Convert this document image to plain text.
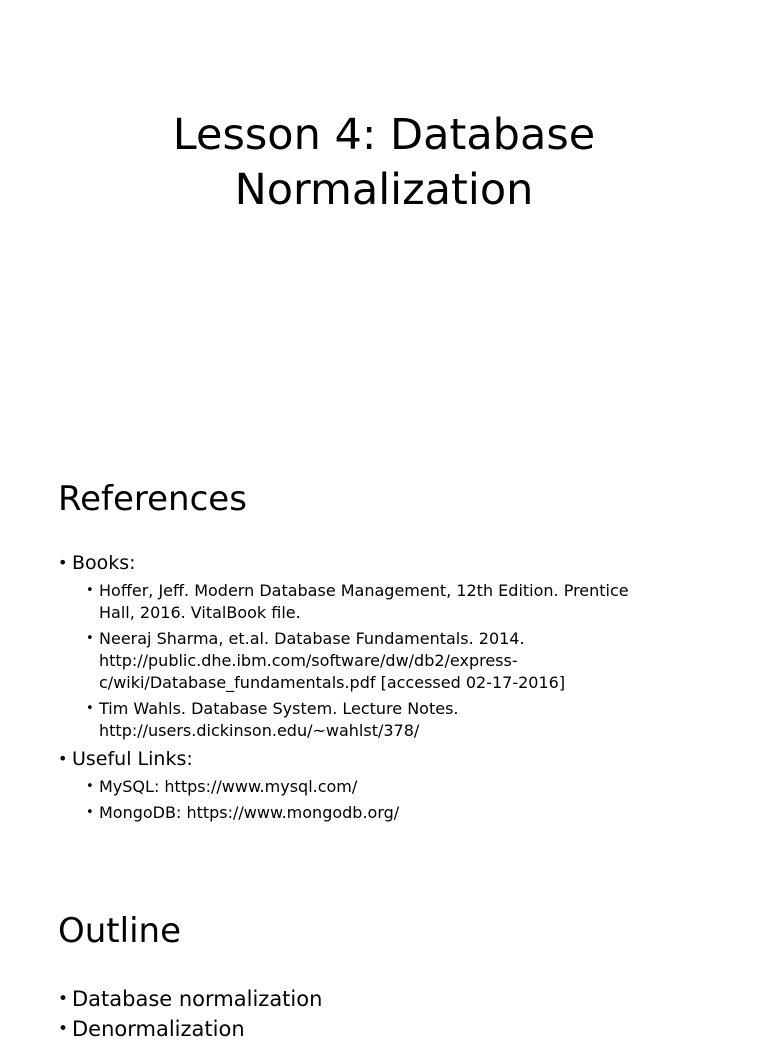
Lesson 4: Database
Normalization
References
• Books:
• Hoffer, Jeff. Modern Database Management, 12th Edition. Prentice
Hall, 2016. VitalBook file.
• Neeraj Sharma, et.al. Database Fundamentals. 2014.
http://public.dhe.ibm.com/software/dw/db2/express-
c/wiki/Database_fundamentals.pdf [accessed 02-17-2016]
• Tim Wahls. Database System. Lecture Notes.
http://users.dickinson.edu/~wahlst/378/
• Useful Links:
• MySQL: https://www.mysql.com/
• MongoDB: https://www.mongodb.org/
Outline
• Database normalization
• Denormalization
